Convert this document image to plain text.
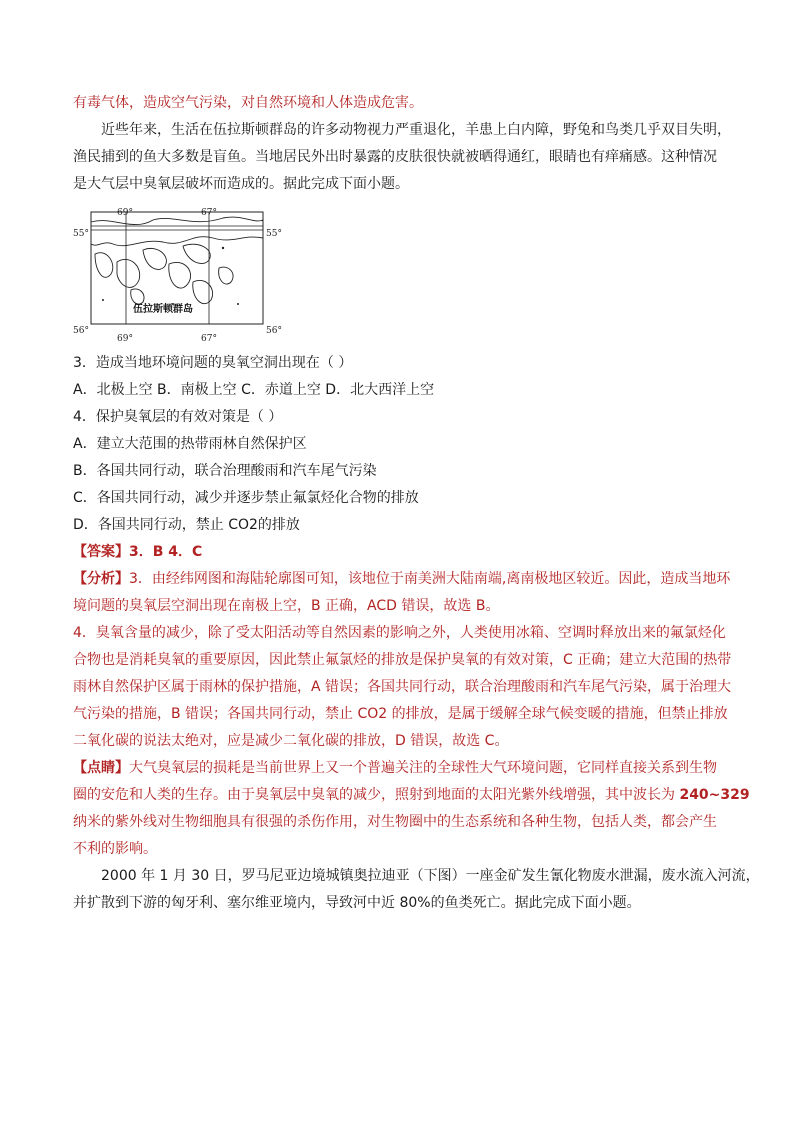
有毒气体，造成空气污染，对自然环境和人体造成危害。
近些年来，生活在伍拉斯顿群岛的许多动物视力严重退化，羊患上白内障，野兔和鸟类几乎双目失明，
渔民捕到的鱼大多数是盲鱼。当地居民外出时暴露的皮肤很快就被晒得通红，眼睛也有痒痛感。这种情况
是大气层中臭氧层破坏而造成的。据此完成下面小题。
69°	67°
69°	67°
55°	55°
56°	56°
伍拉斯顿群岛
3．造成当地环境问题的臭氧空洞出现在（ ）
A．北极上空 B．南极上空 C．赤道上空 D．北大西洋上空
4．保护臭氧层的有效对策是（ ）
A．建立大范围的热带雨林自然保护区
B．各国共同行动，联合治理酸雨和汽车尾气污染
C．各国共同行动，减少并逐步禁止氟氯烃化合物的排放
D．各国共同行动，禁止 CO2的排放
【答案】3．B 4．C
【分析】3．由经纬网图和海陆轮廓图可知，该地位于南美洲大陆南端,离南极地区较近。因此，造成当地环
境问题的臭氧层空洞出现在南极上空，B 正确，ACD 错误，故选 B。
4．臭氧含量的减少，除了受太阳活动等自然因素的影响之外，人类使用冰箱、空调时释放出来的氟氯烃化
合物也是消耗臭氧的重要原因，因此禁止氟氯烃的排放是保护臭氧的有效对策，C 正确；建立大范围的热带
雨林自然保护区属于雨林的保护措施，A 错误；各国共同行动，联合治理酸雨和汽车尾气污染，属于治理大
气污染的措施，B 错误；各国共同行动，禁止 CO2 的排放，是属于缓解全球气候变暖的措施，但禁止排放
二氧化碳的说法太绝对，应是减少二氧化碳的排放，D 错误，故选 C。
【点睛】大气臭氧层的损耗是当前世界上又一个普遍关注的全球性大气环境问题，它同样直接关系到生物
圈的安危和人类的生存。由于臭氧层中臭氧的减少，照射到地面的太阳光紫外线增强，其中波长为 240~329
纳米的紫外线对生物细胞具有很强的杀伤作用，对生物圈中的生态系统和各种生物，包括人类，都会产生
不利的影响。
2000 年 1 月 30 日，罗马尼亚边境城镇奥拉迪亚（下图）一座金矿发生氰化物废水泄漏，废水流入河流，
并扩散到下游的匈牙利、塞尔维亚境内，导致河中近 80%的鱼类死亡。据此完成下面小题。
